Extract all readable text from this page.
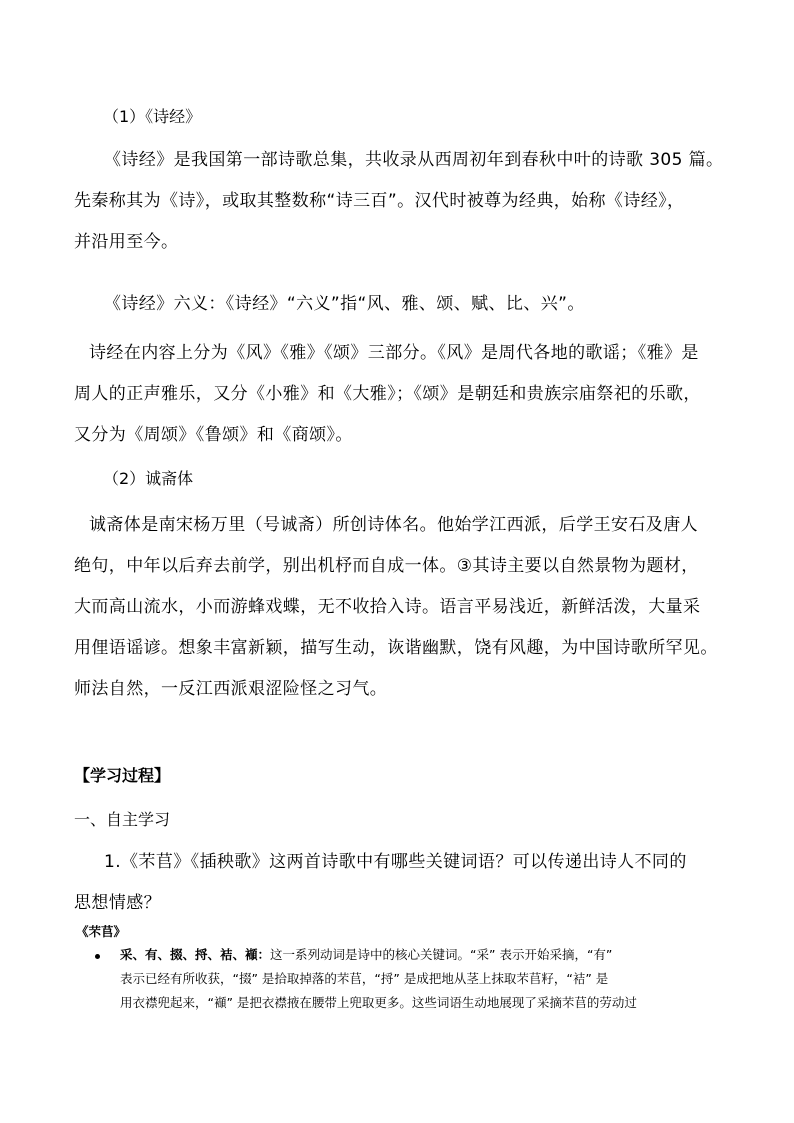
（1）《诗经》
《诗经》是我国第一部诗歌总集，共收录从西周初年到春秋中叶的诗歌 305 篇。
先秦称其为《诗》，或取其整数称“诗三百”。汉代时被尊为经典，始称《诗经》，
并沿用至今。
《诗经》六义：《诗经》“六义”指“风、雅、颂、赋、比、兴”。
诗经在内容上分为《风》《雅》《颂》三部分。《风》是周代各地的歌谣；《雅》是
周人的正声雅乐，又分《小雅》和《大雅》；《颂》是朝廷和贵族宗庙祭祀的乐歌，
又分为《周颂》《鲁颂》和《商颂》。
（2）诚斋体
诚斋体是南宋杨万里（号诚斋）所创诗体名。他始学江西派，后学王安石及唐人
绝句，中年以后弃去前学，别出机杼而自成一体。③其诗主要以自然景物为题材，
大而高山流水，小而游蜂戏蝶，无不收拾入诗。语言平易浅近，新鲜活泼，大量采
用俚语谣谚。想象丰富新颖，描写生动，诙谐幽默，饶有风趣，为中国诗歌所罕见。
师法自然，一反江西派艰涩险怪之习气。
【学习过程】
一、自主学习
1.《芣苢》《插秧歌》这两首诗歌中有哪些关键词语？可以传递出诗人不同的
思想情感？
《芣苢》
采、有、掇、捋、袺、襭：这一系列动词是诗中的核心关键词。“采” 表示开始采摘，“有”
表示已经有所收获，“掇” 是拾取掉落的芣苢，“捋” 是成把地从茎上抹取芣苢籽，“袺” 是
用衣襟兜起来，“襭” 是把衣襟掖在腰带上兜取更多。这些词语生动地展现了采摘芣苢的劳动过
